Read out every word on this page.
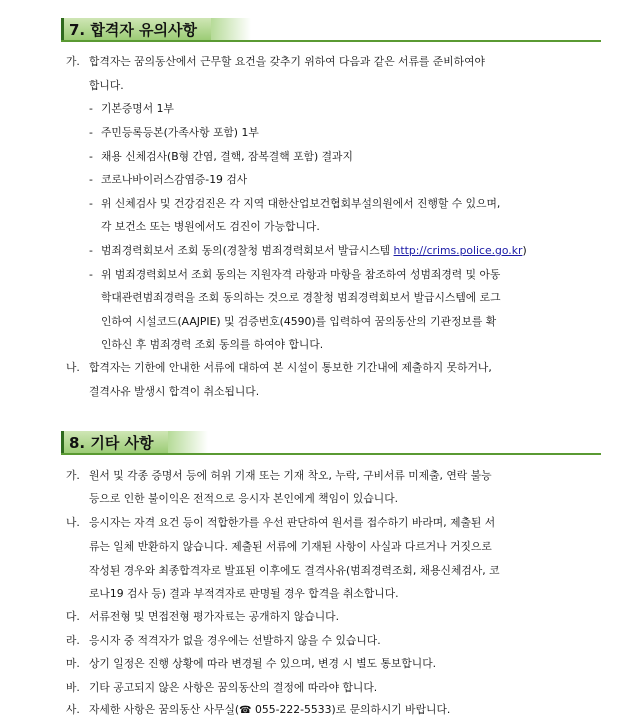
7. 합격자 유의사항
가. 합격자는 꿈의동산에서 근무할 요건을 갖추기 위하여 다음과 같은 서류를 준비하여야
합니다.
- 기본증명서 1부
- 주민등록등본(가족사항 포함) 1부
- 채용 신체검사(B형 간염, 결핵, 잠복결핵 포함) 결과지
- 코로나바이러스감염증-19 검사
- 위 신체검사 및 건강검진은 각 지역 대한산업보건협회부설의원에서 진행할 수 있으며,
각 보건소 또는 병원에서도 검진이 가능합니다.
- 범죄경력회보서 조회 동의(경찰청 범죄경력회보서 발급시스템 http://crims.police.go.kr)
- 위 범죄경력회보서 조회 동의는 지원자격 라항과 마항을 참조하여 성범죄경력 및 아동
학대관련범죄경력을 조회 동의하는 것으로 경찰청 범죄경력회보서 발급시스템에 로그
인하여 시설코드(AAJPIE) 및 검증번호(4590)를 입력하여 꿈의동산의 기관정보를 확
인하신 후 범죄경력 조회 동의를 하여야 합니다.
나. 합격자는 기한에 안내한 서류에 대하여 본 시설이 통보한 기간내에 제출하지 못하거나,
결격사유 발생시 합격이 취소됩니다.
8. 기타 사항
가. 원서 및 각종 증명서 등에 허위 기재 또는 기재 착오, 누락, 구비서류 미제출, 연락 불능
등으로 인한 불이익은 전적으로 응시자 본인에게 책임이 있습니다.
나. 응시자는 자격 요건 등이 적합한가를 우선 판단하여 원서를 접수하기 바라며, 제출된 서
류는 일체 반환하지 않습니다. 제출된 서류에 기재된 사항이 사실과 다르거나 거짓으로
작성된 경우와 최종합격자로 발표된 이후에도 결격사유(범죄경력조회, 채용신체검사, 코
로나19 검사 등) 결과 부적격자로 판명될 경우 합격을 취소합니다.
다. 서류전형 및 면접전형 평가자료는 공개하지 않습니다.
라. 응시자 중 적격자가 없을 경우에는 선발하지 않을 수 있습니다.
마. 상기 일정은 진행 상황에 따라 변경될 수 있으며, 변경 시 별도 통보합니다.
바. 기타 공고되지 않은 사항은 꿈의동산의 결정에 따라야 합니다.
사. 자세한 사항은 꿈의동산 사무실(☎ 055-222-5533)로 문의하시기 바랍니다.
